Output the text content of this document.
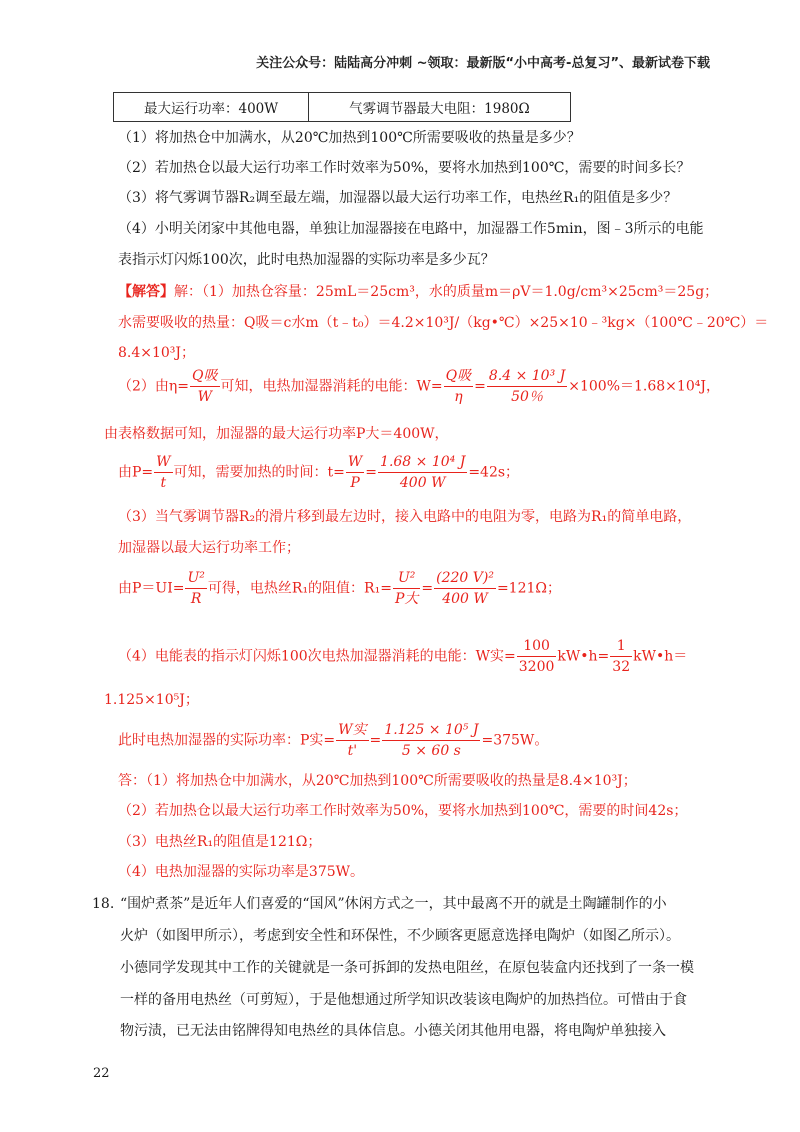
关注公众号：陆陆高分冲刺 ~领取：最新版“小中高考-总复习”、最新试卷下载
最大运行功率：400W	气雾调节器最大电阻：1980Ω
（1）将加热仓中加满水，从20℃加热到100℃所需要吸收的热量是多少？
（2）若加热仓以最大运行功率工作时效率为50%，要将水加热到100℃，需要的时间多长？
（3）将气雾调节器R₂调至最左端，加湿器以最大运行功率工作，电热丝R₁的阻值是多少？
（4）小明关闭家中其他电器，单独让加湿器接在电路中，加湿器工作5min，图﹣3所示的电能
表指示灯闪烁100次，此时电热加湿器的实际功率是多少瓦？
【解答】解：（1）加热仓容量：25mL＝25cm³，水的质量m＝ρV＝1.0g/cm³×25cm³＝25g；
水需要吸收的热量：Q吸＝c水m（t﹣t₀）＝4.2×10³J/（kg•℃）×25×10﹣³kg×（100℃﹣20℃）＝
8.4×10³J；
（2）由$\eta= \frac{\text{Q吸}}{W}$ 可知，电热加湿器消耗的电能：$W= \frac{\text{Q吸}}{\eta} = \frac{\text{8.4 × 10³ J}}{50\%} \times 100\%=1.68\times 10^4J$，
由表格数据可知，加湿器的最大运行功率P大＝400W，
由$P= \frac{W}{t}$ 可知，需要加热的时间：$t= \frac{W}{P} = \frac{\text{1.68 × 10⁴ J}}{400 W} =42s$；
（3）当气雾调节器R₂的滑片移到最左边时，接入电路中的电阻为零，电路为R₁的简单电路，
加湿器以最大运行功率工作；
由$P=UI= \frac{\text{U²}}{R}$ 可得，电热丝R₁的阻值：$R_1= \frac{\text{U²}}{\text{P大}} = \frac{\text{(220 V)²}}{400 W} =121\Omega$；
（4）电能表的指示灯闪烁100次电热加湿器消耗的电能：W实= $\frac{100}{3200}$ kW•h= $\frac{1}{32}$ kW•h＝
1.125×10⁵J；
此时电热加湿器的实际功率：P实= $\frac{\text{W实}}{t'} = \frac{\text{1.125 × 10⁵ J}}{5 \times 60 s} =375W$。
答：（1）将加热仓中加满水，从20℃加热到100℃所需要吸收的热量是8.4×10³J；
（2）若加热仓以最大运行功率工作时效率为50%，要将水加热到100℃，需要的时间42s；
（3）电热丝R₁的阻值是121Ω；
（4）电热加湿器的实际功率是375W。
18. “围炉煮茶”是近年人们喜爱的“国风”休闲方式之一，其中最离不开的就是土陶罐制作的小
火炉（如图甲所示），考虑到安全性和环保性，不少顾客更愿意选择电陶炉（如图乙所示）。
小德同学发现其中工作的关键就是一条可拆卸的发热电阻丝，在原包装盒内还找到了一条一模
一样的备用电热丝（可剪短），于是他想通过所学知识改装该电陶炉的加热挡位。可惜由于食
物污渍，已无法由铭牌得知电热丝的具体信息。小德关闭其他用电器，将电陶炉单独接入
22
